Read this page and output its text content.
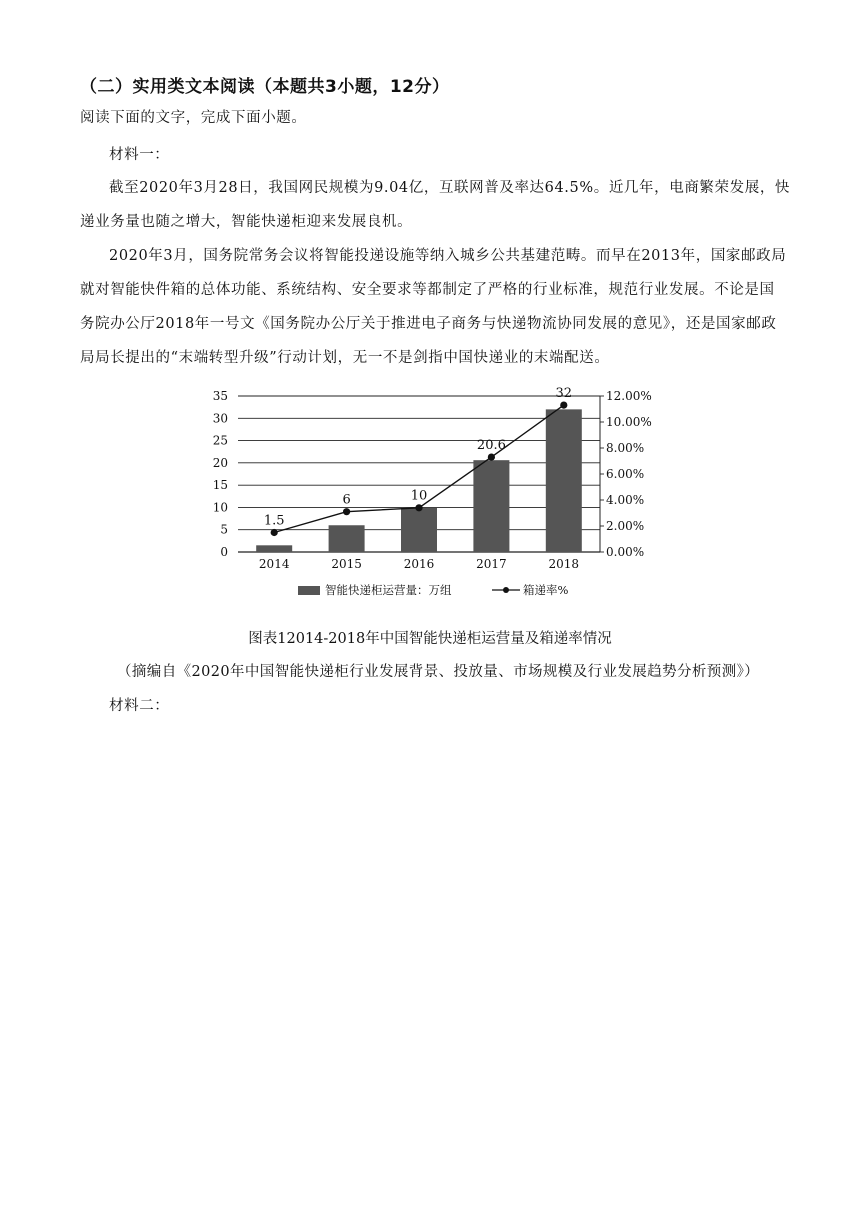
（二）实用类文本阅读（本题共3小题，12分）
阅读下面的文字，完成下面小题。
材料一：
截至2020年3月28日，我国网民规模为9.04亿，互联网普及率达64.5%。近几年，电商繁荣发展，快
递业务量也随之增大，智能快递柜迎来发展良机。
2020年3月，国务院常务会议将智能投递设施等纳入城乡公共基建范畴。而早在2013年，国家邮政局
就对智能快件箱的总体功能、系统结构、安全要求等都制定了严格的行业标准，规范行业发展。不论是国
务院办公厅2018年一号文《国务院办公厅关于推进电子商务与快递物流协同发展的意见》，还是国家邮政
局局长提出的“末端转型升级”行动计划，无一不是剑指中国快递业的末端配送。
0
5
10
15
20
25
30
35
0.00%
2.00%
4.00%
6.00%
8.00%
10.00%
12.00%
2014
1.5
2015
6
2016
10
2017
20.6
2018
32
智能快递柜运营量：万组	箱递率%
图表12014-2018年中国智能快递柜运营量及箱递率情况
（摘编自《2020年中国智能快递柜行业发展背景、投放量、市场规模及行业发展趋势分析预测》）
材料二：
